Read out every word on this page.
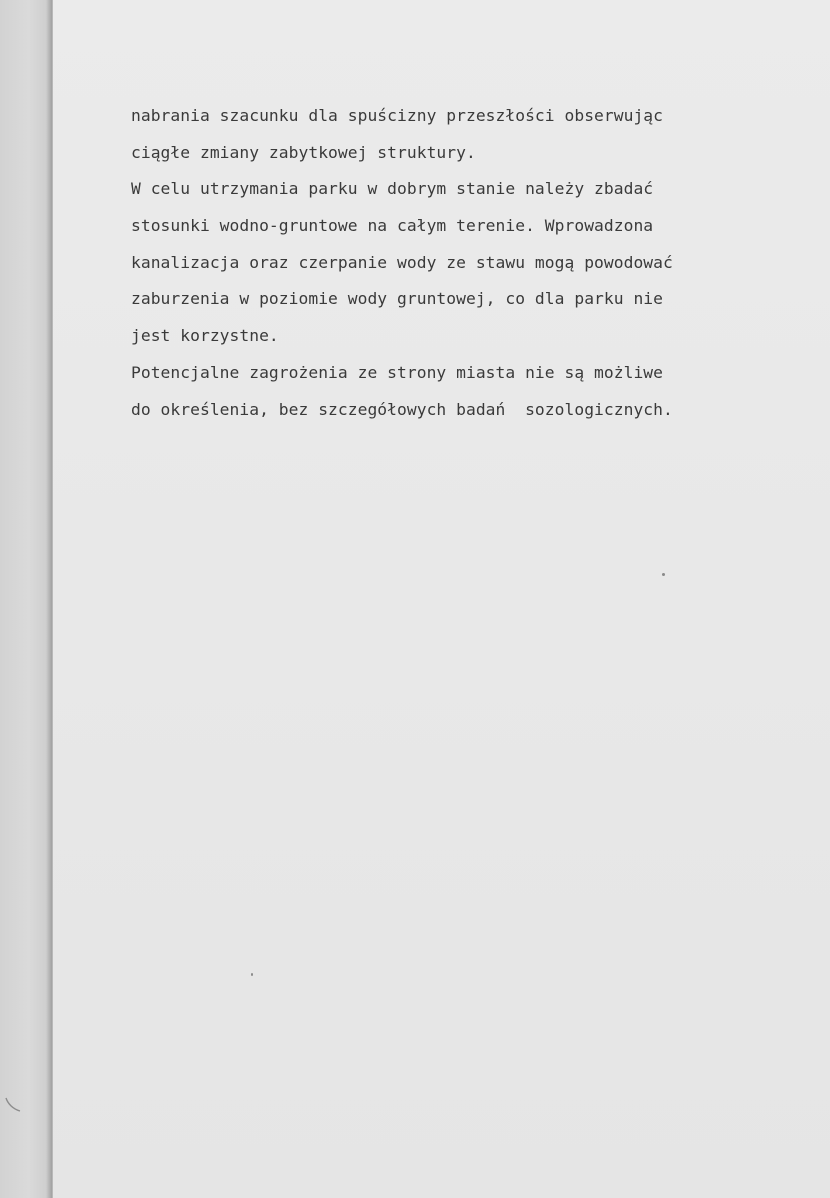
nabrania szacunku dla spuścizny przeszłości obserwując
ciągłe zmiany zabytkowej struktury.
W celu utrzymania parku w dobrym stanie należy zbadać
stosunki wodno-gruntowe na całym terenie. Wprowadzona
kanalizacja oraz czerpanie wody ze stawu mogą powodować
zaburzenia w poziomie wody gruntowej, co dla parku nie
jest korzystne.
Potencjalne zagrożenia ze strony miasta nie są możliwe
do określenia, bez szczegółowych badań  sozologicznych.
